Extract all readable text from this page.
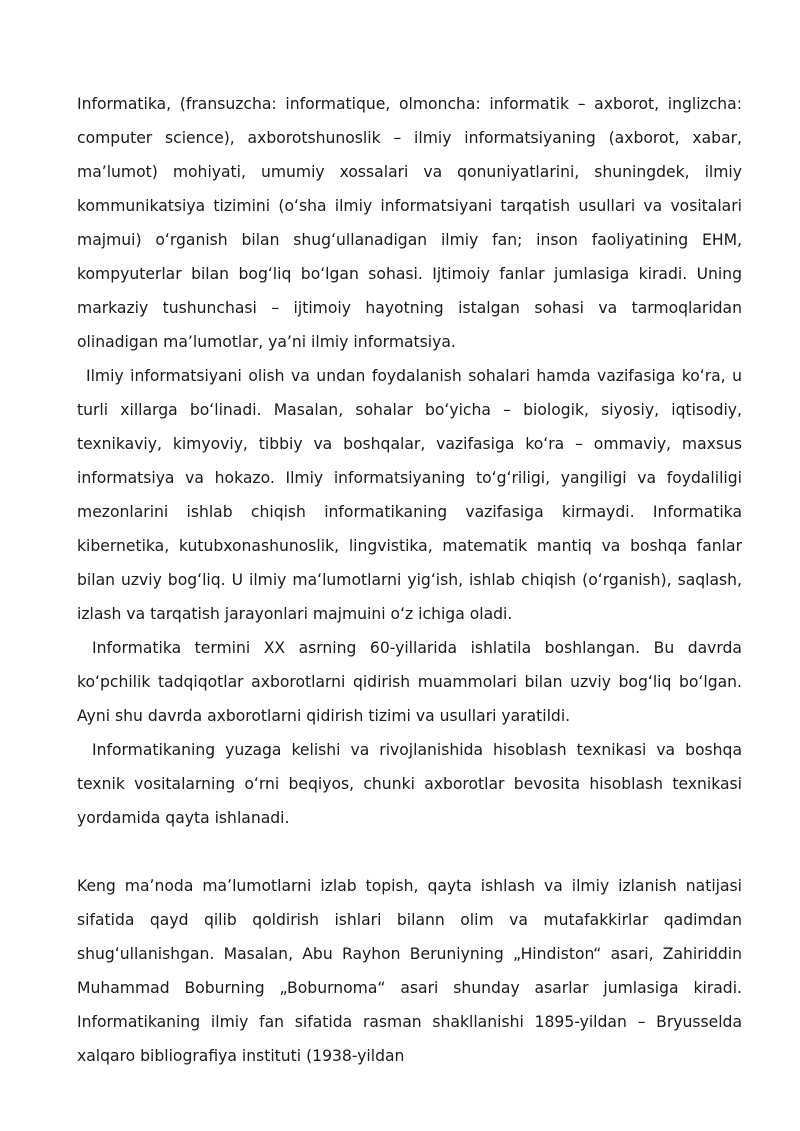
Informatika, (fransuzcha: informatique, olmoncha: informatik – axborot, inglizcha: computer science), axborotshunoslik – ilmiy informatsiyaning (axborot, xabar, ma’lumot) mohiyati, umumiy xossalari va qonuniyatlarini, shuningdek, ilmiy kommunikatsiya tizimini (oʻsha ilmiy informatsiyani tarqatish usullari va vositalari majmui) oʻrganish bilan shugʻullanadigan ilmiy fan; inson faoliyatining EHM, kompyuterlar bilan bogʻliq boʻlgan sohasi. Ijtimoiy fanlar jumlasiga kiradi. Uning markaziy tushunchasi – ijtimoiy hayotning istalgan sohasi va tarmoqlaridan olinadigan ma’lumotlar, ya’ni ilmiy informatsiya.

Ilmiy informatsiyani olish va undan foydalanish sohalari hamda vazifasiga koʻra, u turli xillarga boʻlinadi. Masalan, sohalar boʻyicha – biologik, siyosiy, iqtisodiy, texnikaviy, kimyoviy, tibbiy va boshqalar, vazifasiga koʻra – ommaviy, maxsus informatsiya va hokazo. Ilmiy informatsiyaning toʻgʻriligi, yangiligi va foydaliligi mezonlarini ishlab chiqish informatikaning vazifasiga kirmaydi. Informatika kibernetika, kutubxonashunoslik, lingvistika, matematik mantiq va boshqa fanlar bilan uzviy bogʻliq. U ilmiy maʻlumotlarni yigʻish, ishlab chiqish (oʻrganish), saqlash, izlash va tarqatish jarayonlari majmuini oʻz ichiga oladi.

Informatika termini XX asrning 60-yillarida ishlatila boshlangan. Bu davrda koʻpchilik tadqiqotlar axborotlarni qidirish muammolari bilan uzviy bogʻliq boʻlgan. Ayni shu davrda axborotlarni qidirish tizimi va usullari yaratildi.

Informatikaning yuzaga kelishi va rivojlanishida hisoblash texnikasi va boshqa texnik vositalarning oʻrni beqiyos, chunki axborotlar bevosita hisoblash texnikasi yordamida qayta ishlanadi.

Keng maʼnoda maʼlumotlarni izlab topish, qayta ishlash va ilmiy izlanish natijasi sifatida qayd qilib qoldirish ishlari bilann olim va mutafakkirlar qadimdan shugʻullanishgan. Masalan, Abu Rayhon Beruniyning „Hindiston“ asari, Zahiriddin Muhammad Boburning „Boburnoma“ asari shunday asarlar jumlasiga kiradi. Informatikaning ilmiy fan sifatida rasman shakllanishi 1895-yildan – Bryusselda xalqaro bibliografiya instituti (1938-yildan
